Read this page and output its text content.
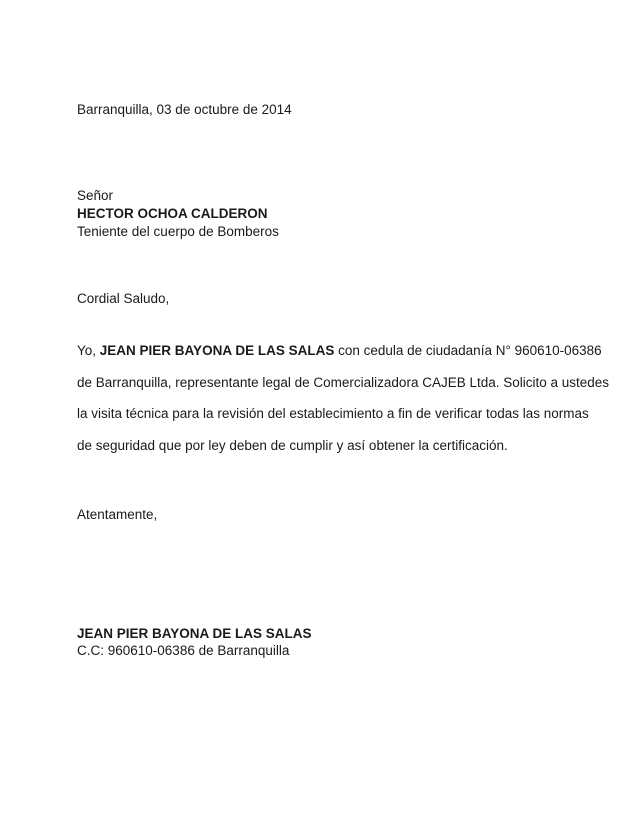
Barranquilla, 03 de octubre de 2014
Señor
HECTOR OCHOA CALDERON
Teniente del cuerpo de Bomberos
Cordial Saludo,
Yo, JEAN PIER BAYONA DE LAS SALAS con cedula de ciudadanía N° 960610-06386
de Barranquilla, representante legal de Comercializadora CAJEB Ltda. Solicito a ustedes
la visita técnica para la revisión del establecimiento a fin de verificar todas las normas
de seguridad que por ley deben de cumplir y así obtener la certificación.
Atentamente,
JEAN PIER BAYONA DE LAS SALAS
C.C: 960610-06386 de Barranquilla
